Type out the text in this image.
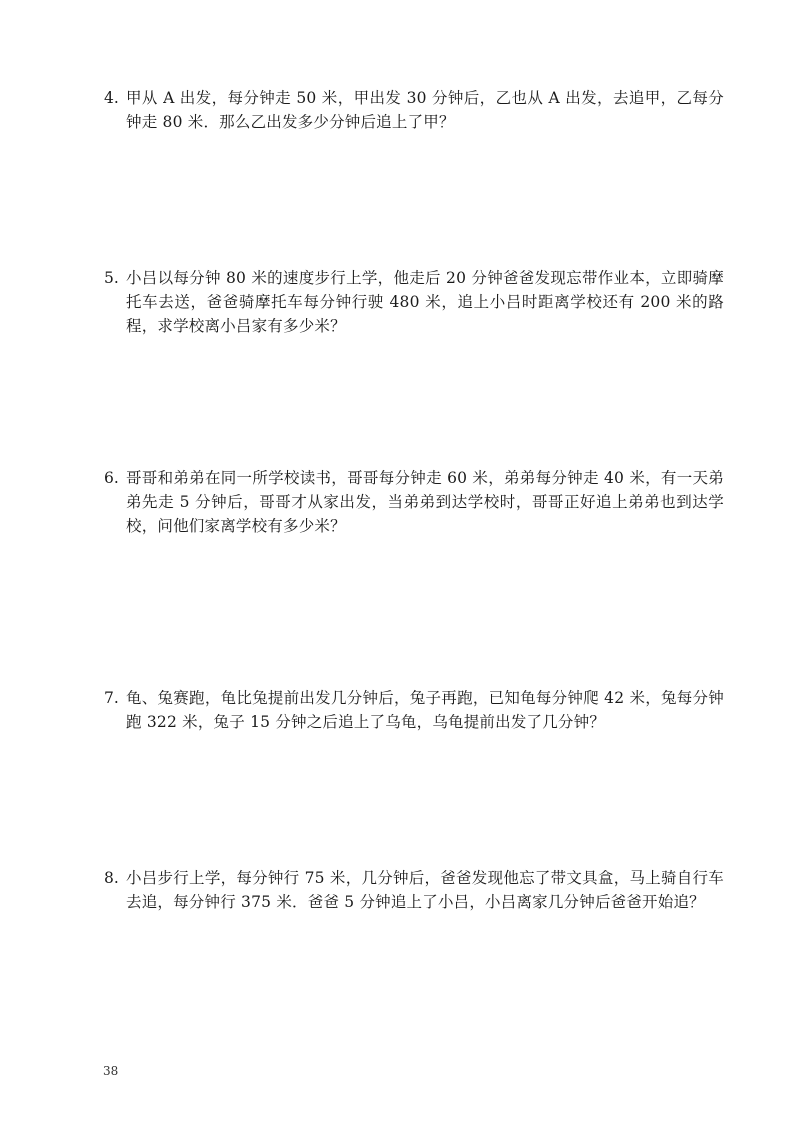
4. 甲从 A 出发，每分钟走 50 米，甲出发 30 分钟后，乙也从 A 出发，去追甲，乙每分钟走 80 米．那么乙出发多少分钟后追上了甲？
5. 小吕以每分钟 80 米的速度步行上学，他走后 20 分钟爸爸发现忘带作业本，立即骑摩托车去送，爸爸骑摩托车每分钟行驶 480 米，追上小吕时距离学校还有 200 米的路程，求学校离小吕家有多少米？
6. 哥哥和弟弟在同一所学校读书，哥哥每分钟走 60 米，弟弟每分钟走 40 米，有一天弟弟先走 5 分钟后，哥哥才从家出发，当弟弟到达学校时，哥哥正好追上弟弟也到达学校，问他们家离学校有多少米？
7. 龟、兔赛跑，龟比兔提前出发几分钟后，兔子再跑，已知龟每分钟爬 42 米，兔每分钟跑 322 米，兔子 15 分钟之后追上了乌龟，乌龟提前出发了几分钟？
8. 小吕步行上学，每分钟行 75 米，几分钟后，爸爸发现他忘了带文具盒，马上骑自行车去追，每分钟行 375 米．爸爸 5 分钟追上了小吕，小吕离家几分钟后爸爸开始追？
38
